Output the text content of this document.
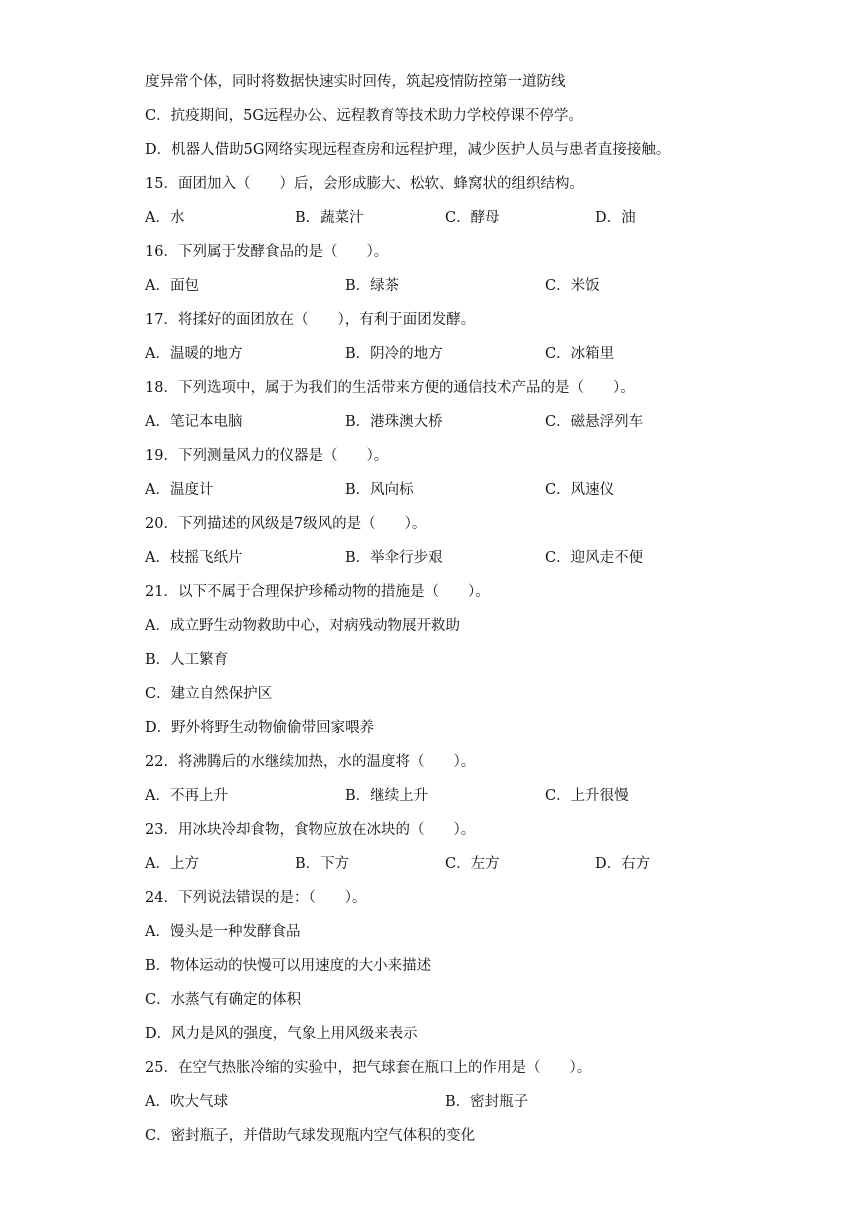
度异常个体，同时将数据快速实时回传，筑起疫情防控第一道防线
C．抗疫期间，5G远程办公、远程教育等技术助力学校停课不停学。
D．机器人借助5G网络实现远程查房和远程护理，减少医护人员与患者直接接触。
15．面团加入（　　）后，会形成膨大、松软、蜂窝状的组织结构。
A．水	B．蔬菜汁	C．酵母	D．油
16．下列属于发酵食品的是（　　）。
A．面包	B．绿茶	C．米饭
17．将揉好的面团放在（　　），有利于面团发酵。
A．温暖的地方	B．阴冷的地方	C．冰箱里
18．下列选项中，属于为我们的生活带来方便的通信技术产品的是（　　）。
A．笔记本电脑	B．港珠澳大桥	C．磁悬浮列车
19．下列测量风力的仪器是（　　）。
A．温度计	B．风向标	C．风速仪
20．下列描述的风级是7级风的是（　　）。
A．枝摇飞纸片	B．举伞行步艰	C．迎风走不便
21．以下不属于合理保护珍稀动物的措施是（　　）。
A．成立野生动物救助中心，对病残动物展开救助
B．人工繁育
C．建立自然保护区
D．野外将野生动物偷偷带回家喂养
22．将沸腾后的水继续加热，水的温度将（　　）。
A．不再上升	B．继续上升	C．上升很慢
23．用冰块冷却食物，食物应放在冰块的（　　）。
A．上方	B．下方	C．左方	D．右方
24．下列说法错误的是：（　　）。
A．馒头是一种发酵食品
B．物体运动的快慢可以用速度的大小来描述
C．水蒸气有确定的体积
D．风力是风的强度，气象上用风级来表示
25．在空气热胀冷缩的实验中，把气球套在瓶口上的作用是（　　）。
A．吹大气球	B．密封瓶子
C．密封瓶子，并借助气球发现瓶内空气体积的变化
